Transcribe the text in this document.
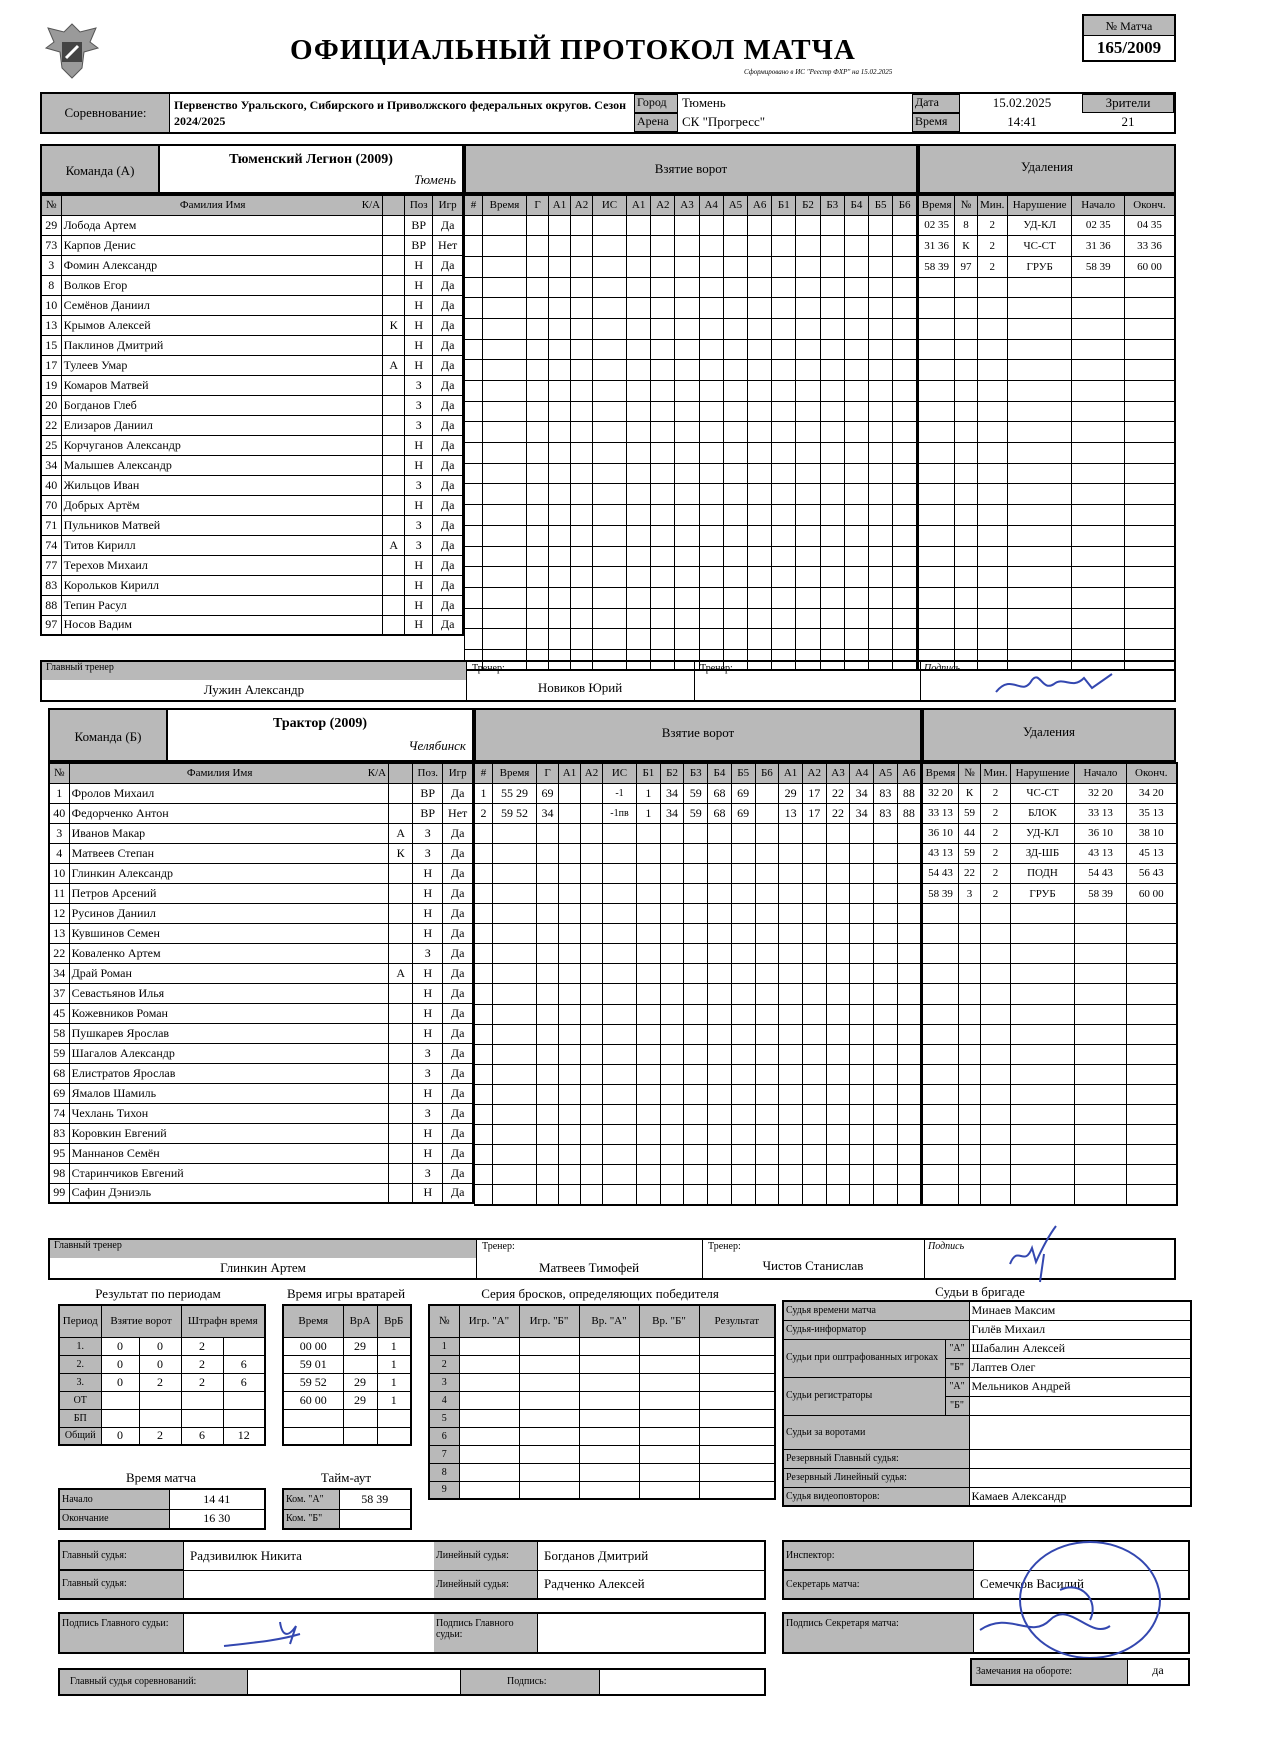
ОФИЦИАЛЬНЫЙ ПРОТОКОЛ МАТЧА
Сформировано в ИС "Реестр ФХР" на 15.02.2025
№ Матча
165/2009
Соревнование:	Первенство Уральского, Сибирского и Приволжского федеральных округов. Сезон 2024/2025
Город	Тюмень
Арена	СК "Прогресс"
Дата	15.02.2025
Время	14:41
Зрители
21
Команда (А)
Тюменский Легион (2009)
Тюмень
Взятие ворот	Удаления
№	Фамилия Имя К/А		Поз	Игр
29	Лобода Артем		ВР	Да
73	Карпов Денис		ВР	Нет
3	Фомин Александр		Н	Да
8	Волков Егор		Н	Да
10	Семёнов Даниил		Н	Да
13	Крымов Алексей	К	Н	Да
15	Паклинов Дмитрий		Н	Да
17	Тулеев Умар	А	Н	Да
19	Комаров Матвей		З	Да
20	Богданов Глеб		З	Да
22	Елизаров Даниил		З	Да
25	Корчуганов Александр		Н	Да
34	Малышев Александр		Н	Да
40	Жильцов Иван		З	Да
70	Добрых Артём		Н	Да
71	Пульников Матвей		З	Да
74	Титов Кирилл	А	З	Да
77	Терехов Михаил		Н	Да
83	Корольков Кирилл		Н	Да
88	Тепин Расул		Н	Да
97	Носов Вадим		Н	Да
#	Время	Г	А1	А2	ИС	А1	А2	А3	А4	А5	А6	Б1	Б2	Б3	Б4	Б5	Б6

																	Время	№	Мин.	Нарушение	Начало	Оконч.
02 35	8	2	УД-КЛ	02 35	04 35
31 36	К	2	ЧС-СТ	31 36	33 36
58 39	97	2	ГРУБ	58 39	60 00

Главный тренер
Лужин Александр
Тренер:
Новиков Юрий
Тренер:	Подпись
Команда (Б)
Трактор (2009)
Челябинск
Взятие ворот	Удаления
№	Фамилия Имя К/А		Поз.	Игр
1	Фролов Михаил		ВР	Да
40	Федорченко Антон		ВР	Нет
3	Иванов Макар	А	З	Да
4	Матвеев Степан	К	З	Да
10	Глинкин Александр		Н	Да
11	Петров Арсений		Н	Да
12	Русинов Даниил		Н	Да
13	Кувшинов Семен		Н	Да
22	Коваленко Артем		З	Да
34	Драй Роман	А	Н	Да
37	Севастьянов Илья		Н	Да
45	Кожевников Роман		Н	Да
58	Пушкарев Ярослав		Н	Да
59	Шагалов Александр		З	Да
68	Елистратов Ярослав		З	Да
69	Ямалов Шамиль		Н	Да
74	Чехлань Тихон		З	Да
83	Коровкин Евгений		Н	Да
95	Маннанов Семён		Н	Да
98	Старинчиков Евгений		З	Да
99	Сафин Дэниэль		Н	Да
#	Время	Г	А1	А2	ИС	Б1	Б2	Б3	Б4	Б5	Б6	А1	А2	А3	А4	А5	А6
1	55 29	69			-1	1	34	59	68	69		29	17	22	34	83	88
2	59 52	34			-1пв	1	34	59	68	69		13	17	22	34	83	88

Время	№	Мин.	Нарушение	Начало	Оконч.
32 20	К	2	ЧС-СТ	32 20	34 20
33 13	59	2	БЛОК	33 13	35 13
36 10	44	2	УД-КЛ	36 10	38 10
43 13	59	2	ЗД-ШБ	43 13	45 13
54 43	22	2	ПОДН	54 43	56 43
58 39	3	2	ГРУБ	58 39	60 00

Главный тренер
Глинкин Артем
Тренер:
Матвеев Тимофей
Тренер:
Чистов Станислав
Подпись
Результат по периодам
Период	Взятие ворот		Штрафн время	
1.	0	0	2	
2.	0	0	2	6
3.	0	2	2	6
ОТ				
БП				
Общий	0	2	6	12
Время игры вратарей
Время	ВрА	ВрБ
00 00	29	1
59 01		1
59 52	29	1
60 00	29	1

Серия бросков, определяющих победителя
№	Игр. "А"	Игр. "Б"	Вр. "А"	Вр. "Б"	Результат
1					
2					
3					
4					
5					
6					
7					
8					
9					
Время матча
Начало	14 41
Окончание	16 30
Тайм-аут
Ком. "А"	58 39
Ком. "Б"	
Судьи в бригаде
Судья времени матча		Минаев Максим
Судья-информатор		Гилёв Михаил
Судьи при оштрафованных игроках	"А"	Шабалин Алексей
	"Б"	Лаптев Олег
Судьи регистраторы	"А"	Мельников Андрей
	"Б"	
Судьи за воротами		
Резервный Главный судья:		
Резервный Линейный судья:		
Судья видеоповторов:		Камаев Александр
Главный судья:	Радзивилюк Никита
Главный судья:
Линейный судья:	Богданов Дмитрий
Линейный судья:	Радченко Алексей
Подпись Главного судьи:	Подпись Главного судьи:
Инспектор:
Секретарь матча:	Семечков Василий
Подпись Секретаря матча:
Главный судья соревнований:	Подпись:
Замечания на обороте:	да
